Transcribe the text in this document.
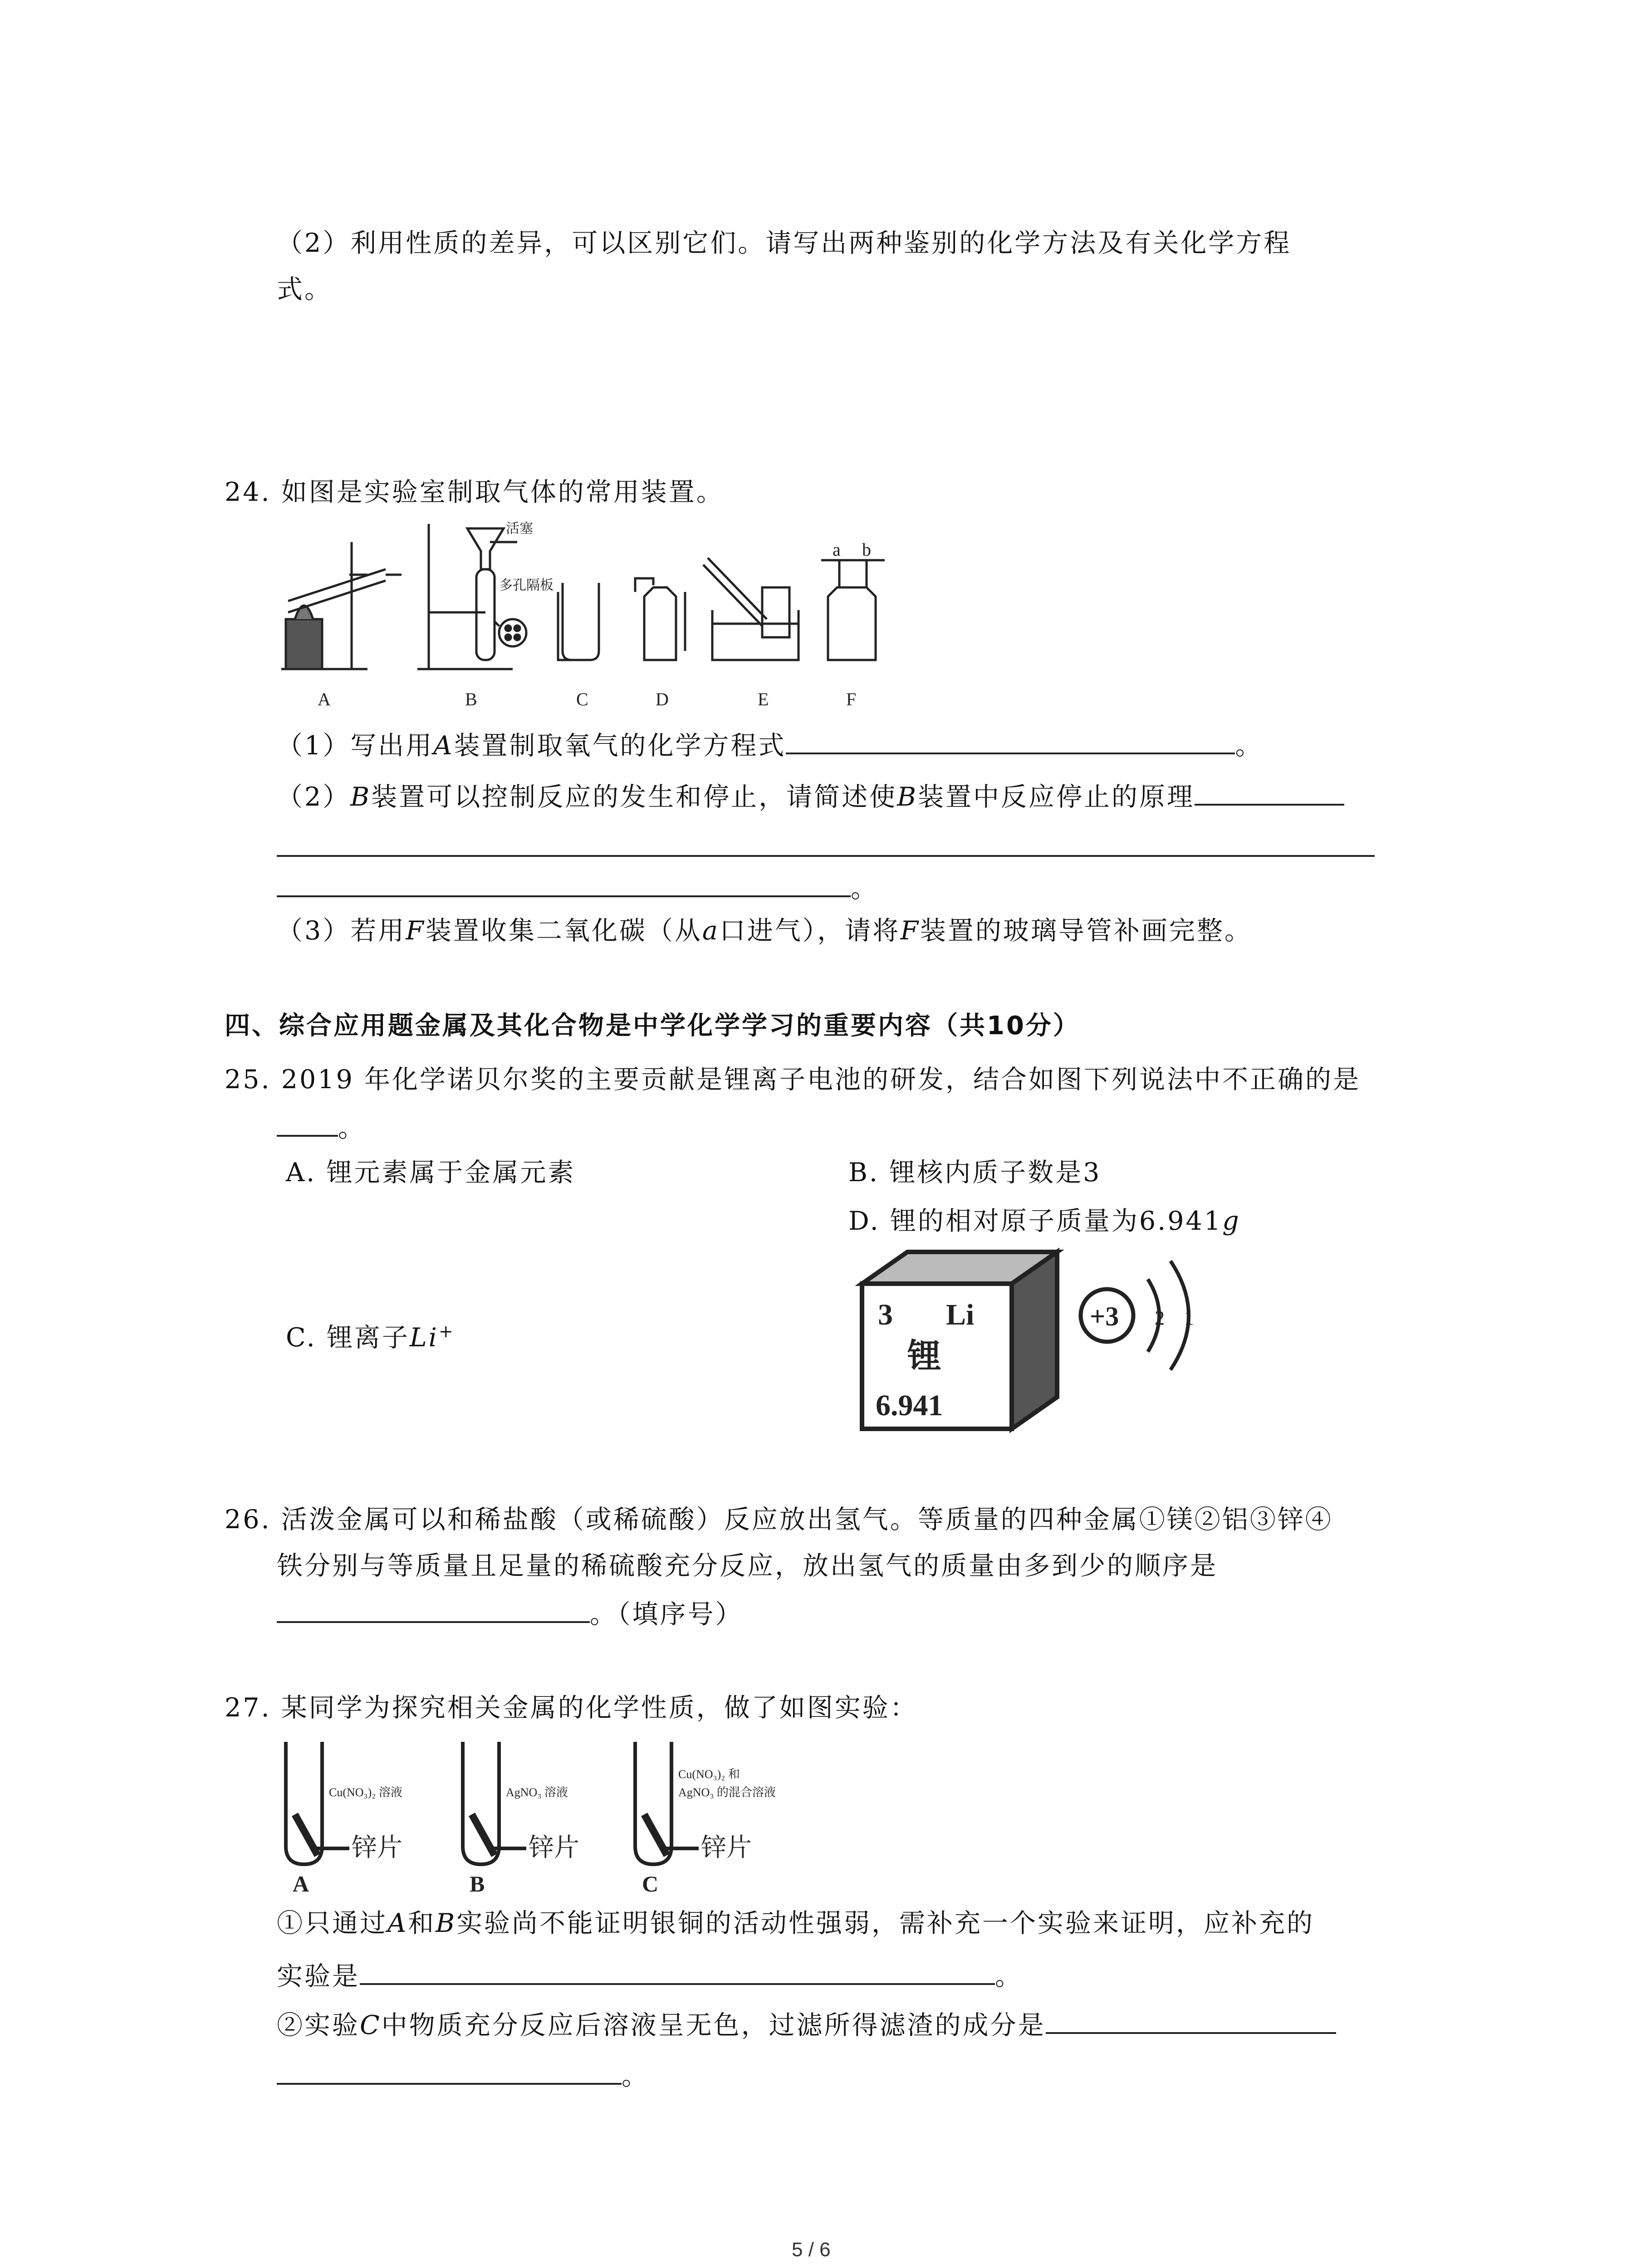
（2）利用性质的差异，可以区别它们。请写出两种鉴别的化学方法及有关化学方程
式。
24. 如图是实验室制取气体的常用装置。
A	B	C	D	E	F
a b
活塞
多孔隔板
（1）写出用A装置制取氧气的化学方程式	。
（2）B装置可以控制反应的发生和停止，请简述使B装置中反应停止的原理
。
（3）若用F装置收集二氧化碳（从a口进气），请将F装置的玻璃导管补画完整。
四、综合应用题金属及其化合物是中学化学学习的重要内容（共10分）
25. 2019 年化学诺贝尔奖的主要贡献是锂离子电池的研发，结合如图下列说法中不正确的是
。
A. 锂元素属于金属元素	B. 锂核内质子数是3
D. 锂的相对原子质量为6.941g
C. 锂离子Li+	3 Li
锂
6.941
+3 2 1
26. 活泼金属可以和稀盐酸（或稀硫酸）反应放出氢气。等质量的四种金属①镁②铝③锌④
铁分别与等质量且足量的稀硫酸充分反应，放出氢气的质量由多到少的顺序是
。（填序号）
27. 某同学为探究相关金属的化学性质，做了如图实验：
Cu(NO₃)₂ 溶液	AgNO₃ 溶液
Cu(NO₃)₂ 和
AgNO₃ 的混合溶液
锌片	锌片	锌片
A	B	C
①只通过A和B实验尚不能证明银铜的活动性强弱，需补充一个实验来证明，应补充的
实验是	。
②实验C中物质充分反应后溶液呈无色，过滤所得滤渣的成分是
。
5 / 6
